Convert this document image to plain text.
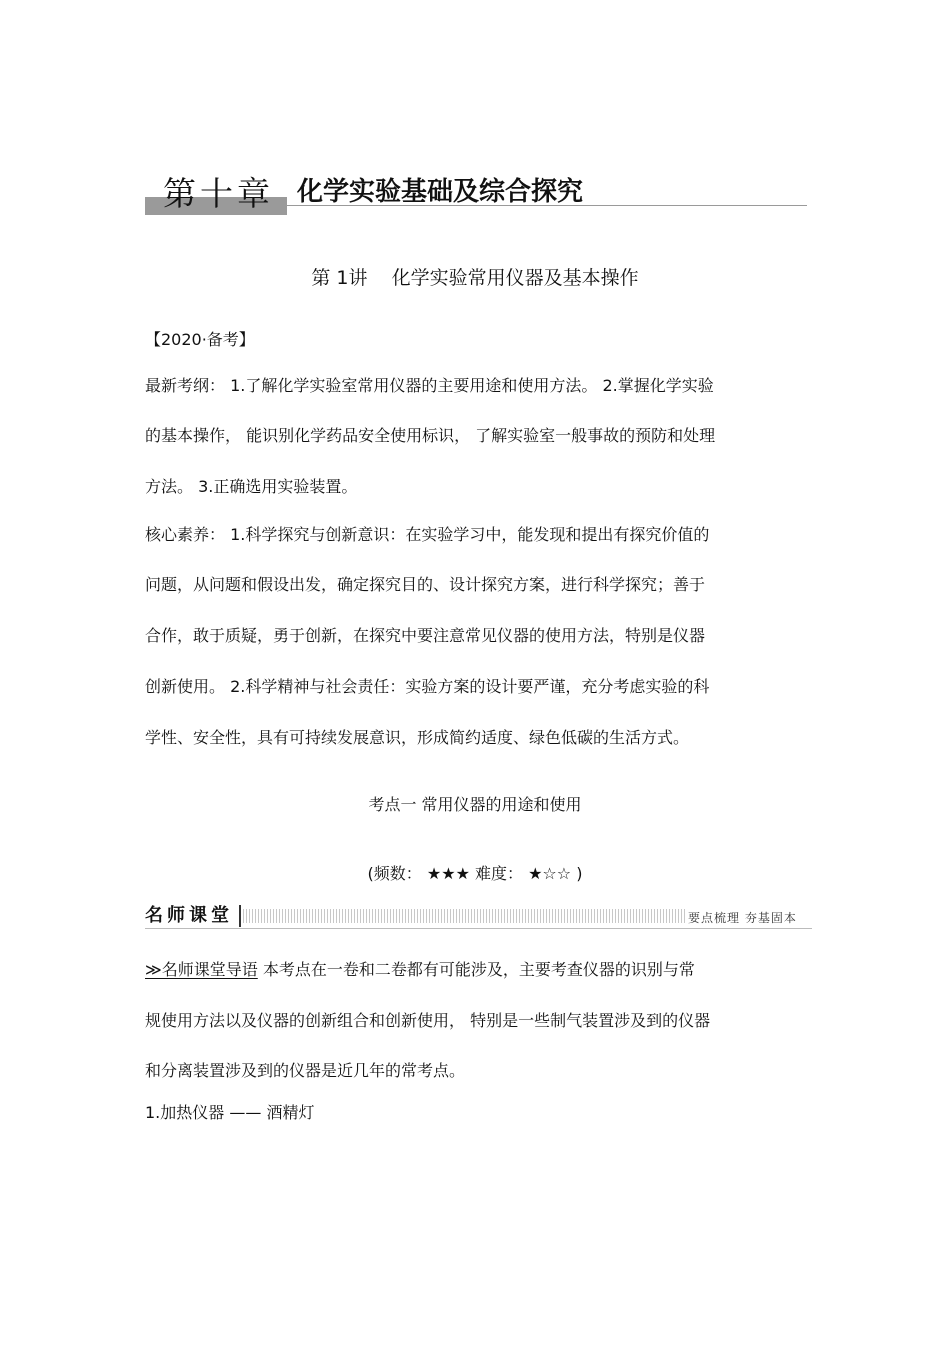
第十章 化学实验基础及综合探究
第 1讲 化学实验常用仪器及基本操作
【2020·备考】
最新考纲： 1.了解化学实验室常用仪器的主要用途和使用方法。 2.掌握化学实验
的基本操作， 能识别化学药品安全使用标识， 了解实验室一般事故的预防和处理
方法。 3.正确选用实验装置。
核心素养： 1.科学探究与创新意识：在实验学习中，能发现和提出有探究价值的
问题，从问题和假设出发，确定探究目的、设计探究方案，进行科学探究；善于
合作，敢于质疑，勇于创新，在探究中要注意常见仪器的使用方法，特别是仪器
创新使用。 2.科学精神与社会责任：实验方案的设计要严谨，充分考虑实验的科
学性、安全性，具有可持续发展意识，形成简约适度、绿色低碳的生活方式。
考点一 常用仪器的用途和使用
(频数： ★★★ 难度： ★☆☆ )
名师课堂	要点梳理 夯基固本
≫名师课堂导语 本考点在一卷和二卷都有可能涉及，主要考查仪器的识别与常
规使用方法以及仪器的创新组合和创新使用， 特别是一些制气装置涉及到的仪器
和分离装置涉及到的仪器是近几年的常考点。
1.加热仪器 —— 酒精灯
